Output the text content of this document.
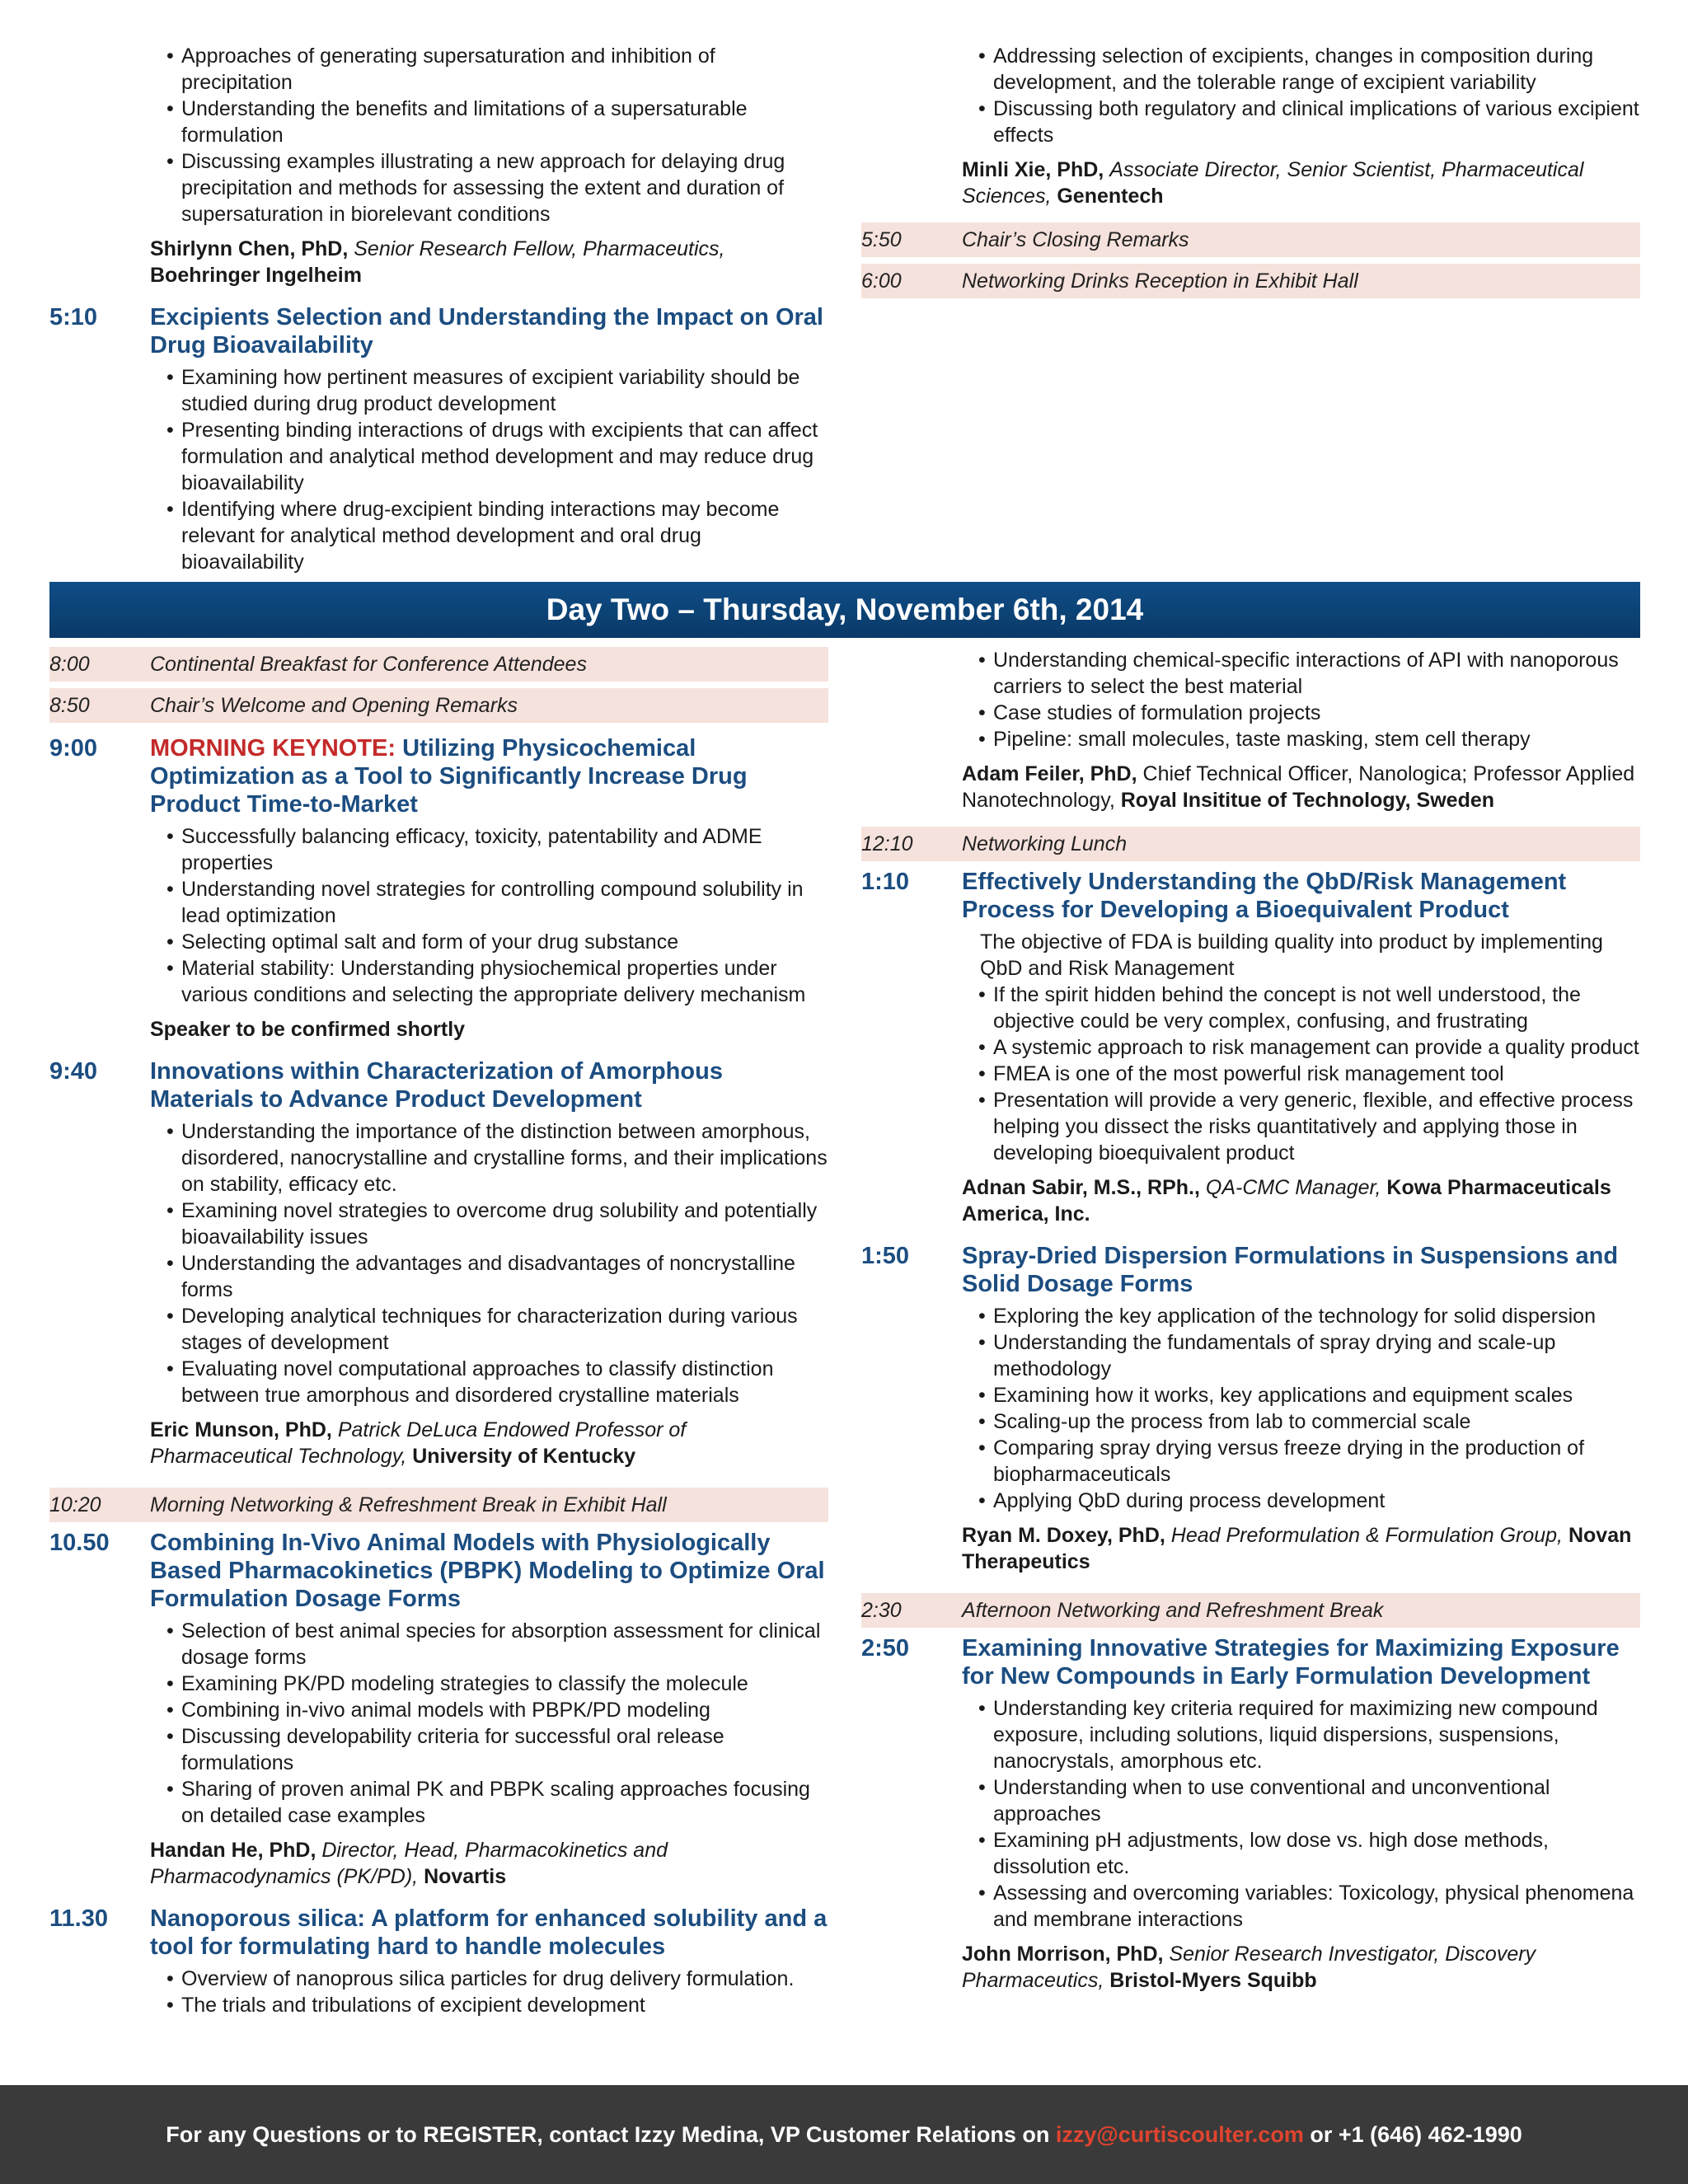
• Approaches of generating supersaturation and inhibition of precipitation
• Understanding the benefits and limitations of a supersaturable formulation
• Discussing examples illustrating a new approach for delaying drug precipitation and methods for assessing the extent and duration of supersaturation in biorelevant conditions
Shirlynn Chen, PhD, Senior Research Fellow, Pharmaceutics, Boehringer Ingelheim
5:10	Excipients Selection and Understanding the Impact on Oral Drug Bioavailability
• Examining how pertinent measures of excipient variability should be studied during drug product development
• Presenting binding interactions of drugs with excipients that can affect formulation and analytical method development and may reduce drug bioavailability
• Identifying where drug-excipient binding interactions may become relevant for analytical method development and oral drug bioavailability
• Addressing selection of excipients, changes in composition during development, and the tolerable range of excipient variability
• Discussing both regulatory and clinical implications of various excipient effects
Minli Xie, PhD, Associate Director, Senior Scientist, Pharmaceutical Sciences, Genentech
5:50	Chair’s Closing Remarks
6:00	Networking Drinks Reception in Exhibit Hall
Day Two – Thursday, November 6th, 2014
8:00	Continental Breakfast for Conference Attendees
8:50	Chair’s Welcome and Opening Remarks
9:00	MORNING KEYNOTE: Utilizing Physicochemical Optimization as a Tool to Significantly Increase Drug Product Time-to-Market
• Successfully balancing efficacy, toxicity, patentability and ADME properties
• Understanding novel strategies for controlling compound solubility in lead optimization
• Selecting optimal salt and form of your drug substance
• Material stability: Understanding physiochemical properties under various conditions and selecting the appropriate delivery mechanism
Speaker to be confirmed shortly
9:40	Innovations within Characterization of Amorphous Materials to Advance Product Development
• Understanding the importance of the distinction between amorphous, disordered, nanocrystalline and crystalline forms, and their implications on stability, efficacy etc.
• Examining novel strategies to overcome drug solubility and potentially bioavailability issues
• Understanding the advantages and disadvantages of noncrystalline forms
• Developing analytical techniques for characterization during various stages of development
• Evaluating novel computational approaches to classify distinction between true amorphous and disordered crystalline materials
Eric Munson, PhD, Patrick DeLuca Endowed Professor of Pharmaceutical Technology, University of Kentucky
10:20	Morning Networking & Refreshment Break in Exhibit Hall
10.50	Combining In-Vivo Animal Models with Physiologically Based Pharmacokinetics (PBPK) Modeling to Optimize Oral Formulation Dosage Forms
• Selection of best animal species for absorption assessment for clinical dosage forms
• Examining PK/PD modeling strategies to classify the molecule
• Combining in-vivo animal models with PBPK/PD modeling
• Discussing developability criteria for successful oral release formulations
• Sharing of proven animal PK and PBPK scaling approaches focusing on detailed case examples
Handan He, PhD, Director, Head, Pharmacokinetics and Pharmacodynamics (PK/PD), Novartis
11.30	Nanoporous silica: A platform for enhanced solubility and a tool for formulating hard to handle molecules
• Overview of nanoprous silica particles for drug delivery formulation.
• The trials and tribulations of excipient development
• Understanding chemical-specific interactions of API with nanoporous carriers to select the best material
• Case studies of formulation projects
• Pipeline: small molecules, taste masking, stem cell therapy
Adam Feiler, PhD, Chief Technical Officer, Nanologica; Professor Applied Nanotechnology, Royal Insititue of Technology, Sweden
12:10	Networking Lunch
1:10	Effectively Understanding the QbD/Risk Management Process for Developing a Bioequivalent Product
The objective of FDA is building quality into product by implementing QbD and Risk Management
• If the spirit hidden behind the concept is not well understood, the objective could be very complex, confusing, and frustrating
• A systemic approach to risk management can provide a quality product
• FMEA is one of the most powerful risk management tool
• Presentation will provide a very generic, flexible, and effective process helping you dissect the risks quantitatively and applying those in developing bioequivalent product
Adnan Sabir, M.S., RPh., QA-CMC Manager, Kowa Pharmaceuticals America, Inc.
1:50	Spray-Dried Dispersion Formulations in Suspensions and Solid Dosage Forms
• Exploring the key application of the technology for solid dispersion
• Understanding the fundamentals of spray drying and scale-up methodology
• Examining how it works, key applications and equipment scales
• Scaling-up the process from lab to commercial scale
• Comparing spray drying versus freeze drying in the production of biopharmaceuticals
• Applying QbD during process development
Ryan M. Doxey, PhD, Head Preformulation & Formulation Group, Novan Therapeutics
2:30	Afternoon Networking and Refreshment Break
2:50	Examining Innovative Strategies for Maximizing Exposure for New Compounds in Early Formulation Development
• Understanding key criteria required for maximizing new compound exposure, including solutions, liquid dispersions, suspensions, nanocrystals, amorphous etc.
• Understanding when to use conventional and unconventional approaches
• Examining pH adjustments, low dose vs. high dose methods, dissolution etc.
• Assessing and overcoming variables: Toxicology, physical phenomena and membrane interactions
John Morrison, PhD, Senior Research Investigator, Discovery Pharmaceutics, Bristol-Myers Squibb
For any Questions or to REGISTER, contact Izzy Medina, VP Customer Relations on izzy@curtiscoulter.com or +1 (646) 462-1990
